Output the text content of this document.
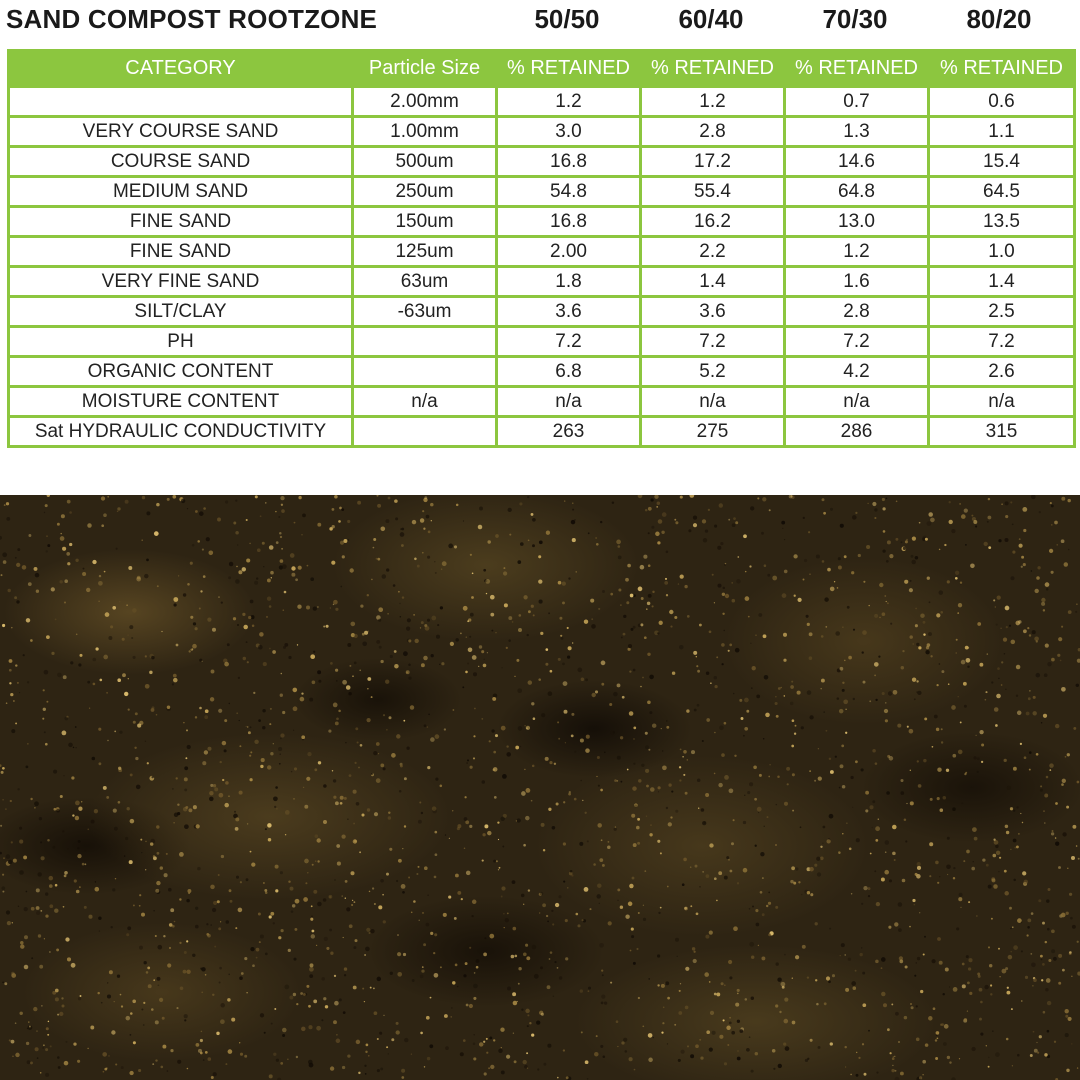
SAND COMPOST ROOTZONE	50/50	60/40	70/30	80/20
CATEGORY	Particle Size	% RETAINED	% RETAINED	% RETAINED	% RETAINED
	2.00mm	1.2	1.2	0.7	0.6
VERY COURSE SAND	1.00mm	3.0	2.8	1.3	1.1
COURSE SAND	500um	16.8	17.2	14.6	15.4
MEDIUM SAND	250um	54.8	55.4	64.8	64.5
FINE SAND	150um	16.8	16.2	13.0	13.5
FINE SAND	125um	2.00	2.2	1.2	1.0
VERY FINE SAND	63um	1.8	1.4	1.6	1.4
SILT/CLAY	-63um	3.6	3.6	2.8	2.5
PH		7.2	7.2	7.2	7.2
ORGANIC CONTENT		6.8	5.2	4.2	2.6
MOISTURE CONTENT	n/a	n/a	n/a	n/a	n/a
Sat HYDRAULIC CONDUCTIVITY		263	275	286	315
